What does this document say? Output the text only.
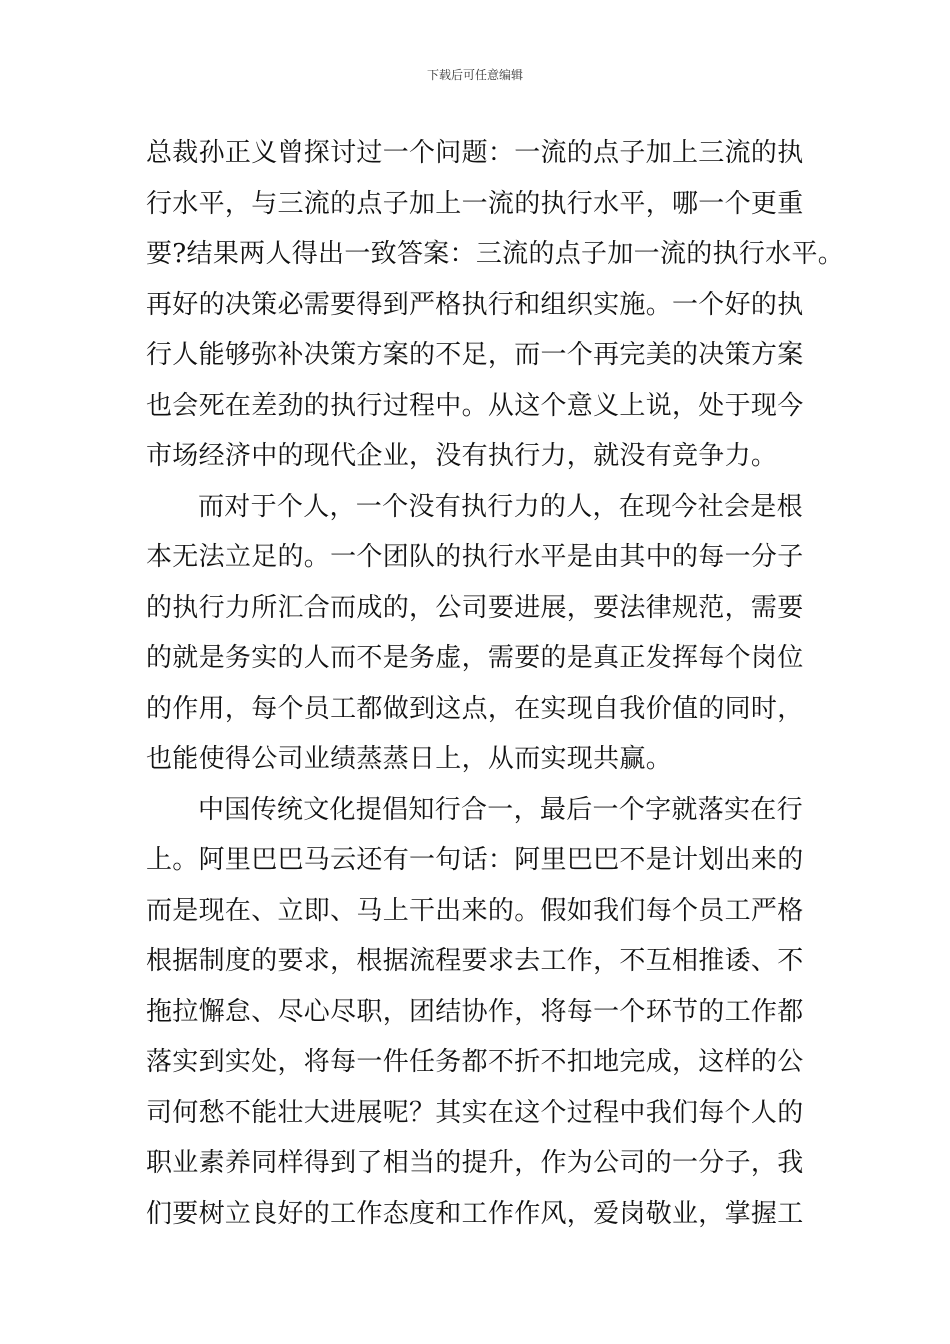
下载后可任意编辑
总裁孙正义曾探讨过一个问题：一流的点子加上三流的执
行水平，与三流的点子加上一流的执行水平，哪一个更重
要?结果两人得出一致答案：三流的点子加一流的执行水平。
再好的决策必需要得到严格执行和组织实施。一个好的执
行人能够弥补决策方案的不足，而一个再完美的决策方案
也会死在差劲的执行过程中。从这个意义上说，处于现今
市场经济中的现代企业，没有执行力，就没有竞争力。
而对于个人，一个没有执行力的人，在现今社会是根
本无法立足的。一个团队的执行水平是由其中的每一分子
的执行力所汇合而成的，公司要进展，要法律规范，需要
的就是务实的人而不是务虚，需要的是真正发挥每个岗位
的作用，每个员工都做到这点，在实现自我价值的同时，
也能使得公司业绩蒸蒸日上，从而实现共赢。
中国传统文化提倡知行合一，最后一个字就落实在行
上。阿里巴巴马云还有一句话：阿里巴巴不是计划出来的
而是现在、立即、马上干出来的。假如我们每个员工严格
根据制度的要求，根据流程要求去工作，不互相推诿、不
拖拉懈怠、尽心尽职，团结协作，将每一个环节的工作都
落实到实处，将每一件任务都不折不扣地完成，这样的公
司何愁不能壮大进展呢？其实在这个过程中我们每个人的
职业素养同样得到了相当的提升，作为公司的一分子，我
们要树立良好的工作态度和工作作风，爱岗敬业，掌握工
